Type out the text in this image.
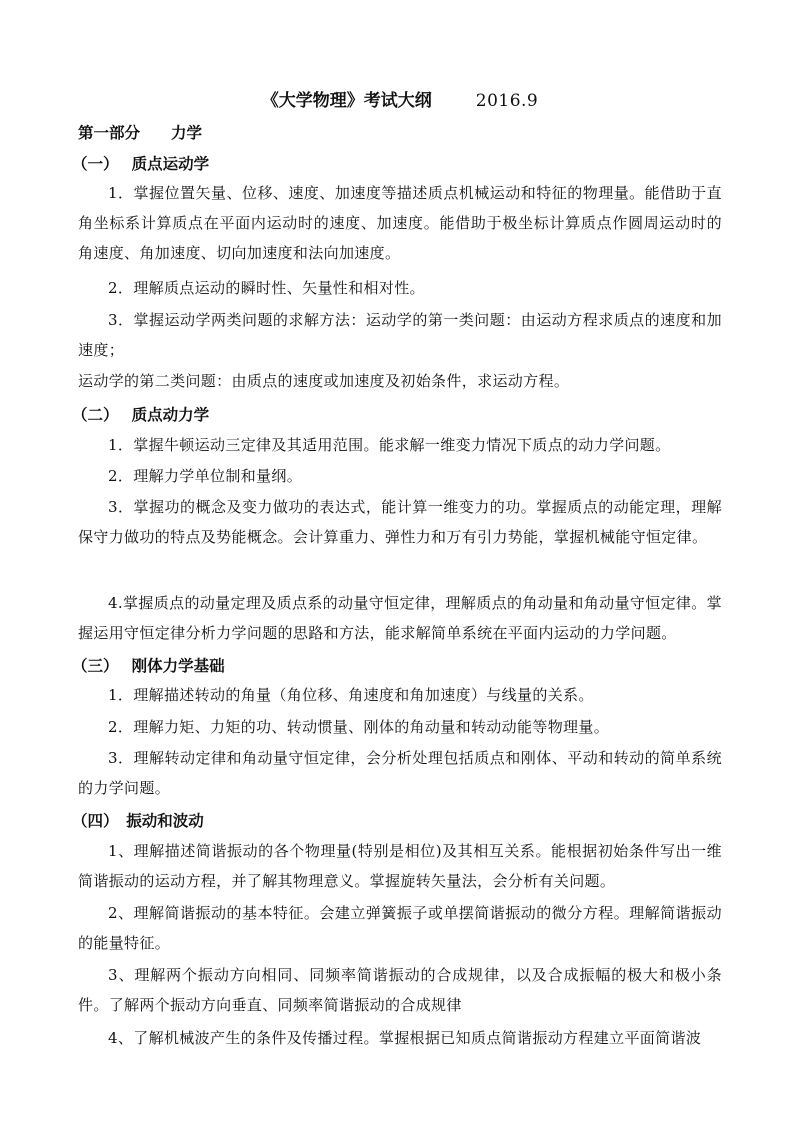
《大学物理》考试大纲	2016.9
第一部分　　力学
（一）　 质点运动学
1．掌握位置矢量、位移、速度、加速度等描述质点机械运动和特征的物理量。能借助于直角坐标系计算质点在平面内运动时的速度、加速度。能借助于极坐标计算质点作圆周运动时的角速度、角加速度、切向加速度和法向加速度。
2．理解质点运动的瞬时性、矢量性和相对性。
3．掌握运动学两类问题的求解方法：运动学的第一类问题：由运动方程求质点的速度和加速度；
运动学的第二类问题：由质点的速度或加速度及初始条件，求运动方程。
（二）　 质点动力学
1．掌握牛顿运动三定律及其适用范围。能求解一维变力情况下质点的动力学问题。
2．理解力学单位制和量纲。
3．掌握功的概念及变力做功的表达式，能计算一维变力的功。掌握质点的动能定理，理解保守力做功的特点及势能概念。会计算重力、弹性力和万有引力势能，掌握机械能守恒定律。
4.掌握质点的动量定理及质点系的动量守恒定律，理解质点的角动量和角动量守恒定律。掌握运用守恒定律分析力学问题的思路和方法，能求解简单系统在平面内运动的力学问题。
（三）　 刚体力学基础
1．理解描述转动的角量（角位移、角速度和角加速度）与线量的关系。
2．理解力矩、力矩的功、转动惯量、刚体的角动量和转动动能等物理量。
3．理解转动定律和角动量守恒定律，会分析处理包括质点和刚体、平动和转动的简单系统的力学问题。
（四）　振动和波动
1、理解描述简谐振动的各个物理量(特别是相位)及其相互关系。能根据初始条件写出一维简谐振动的运动方程，并了解其物理意义。掌握旋转矢量法，会分析有关问题。
2、理解简谐振动的基本特征。会建立弹簧振子或单摆简谐振动的微分方程。理解简谐振动的能量特征。
3、理解两个振动方向相同、同频率简谐振动的合成规律，以及合成振幅的极大和极小条件。了解两个振动方向垂直、同频率简谐振动的合成规律
4、了解机械波产生的条件及传播过程。掌握根据已知质点简谐振动方程建立平面简谐波
